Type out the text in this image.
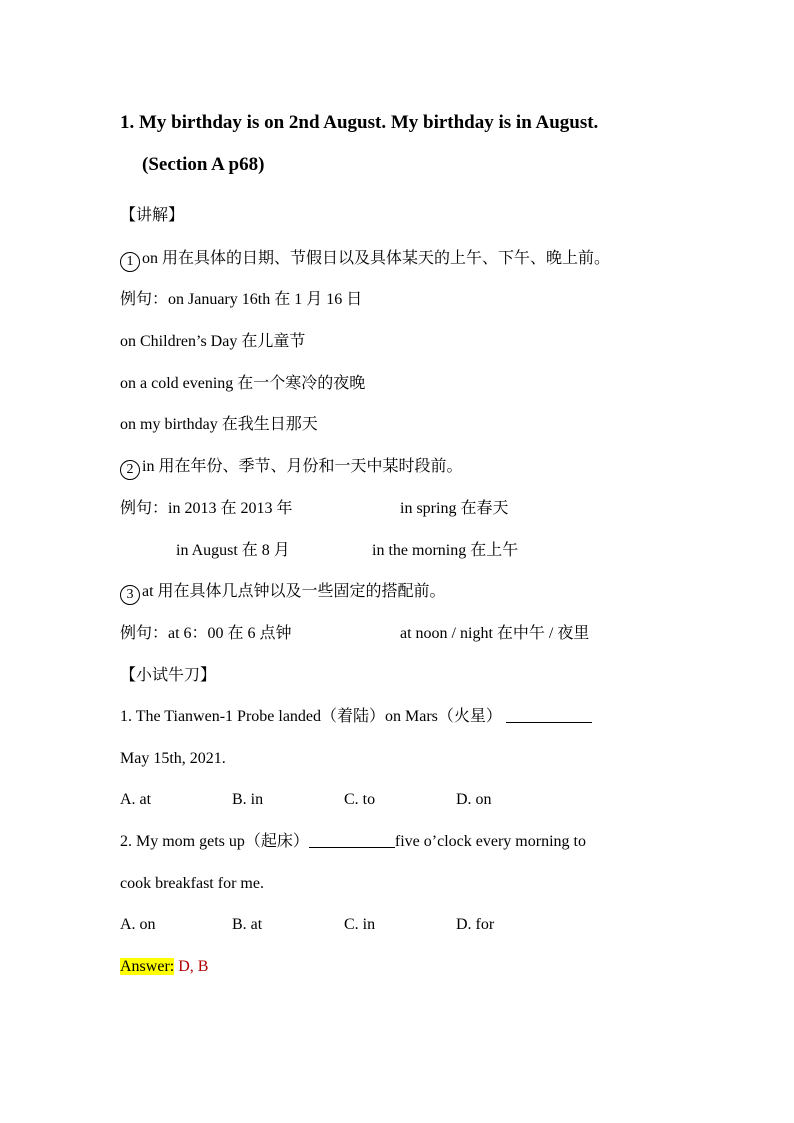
1. My birthday is on 2nd August. My birthday is in August.
(Section A p68)
【讲解】
1 on 用在具体的日期、节假日以及具体某天的上午、下午、晚上前。
例句：on January 16th 在 1 月 16 日
on Children’s Day 在儿童节
on a cold evening 在一个寒冷的夜晚
on my birthday 在我生日那天
2 in 用在年份、季节、月份和一天中某时段前。
例句：in 2013 在 2013 年	in spring 在春天
in August 在 8 月	in the morning 在上午
3 at 用在具体几点钟以及一些固定的搭配前。
例句：at 6：00 在 6 点钟	at noon / night 在中午 / 夜里
【小试牛刀】
1. The Tianwen-1 Probe landed（着陆）on Mars（火星）
May 15th, 2021.
A. at	B. in	C. to	D. on
2. My mom gets up（起床）	five o’clock every morning to
cook breakfast for me.
A. on	B. at	C. in	D. for
Answer: D, B
